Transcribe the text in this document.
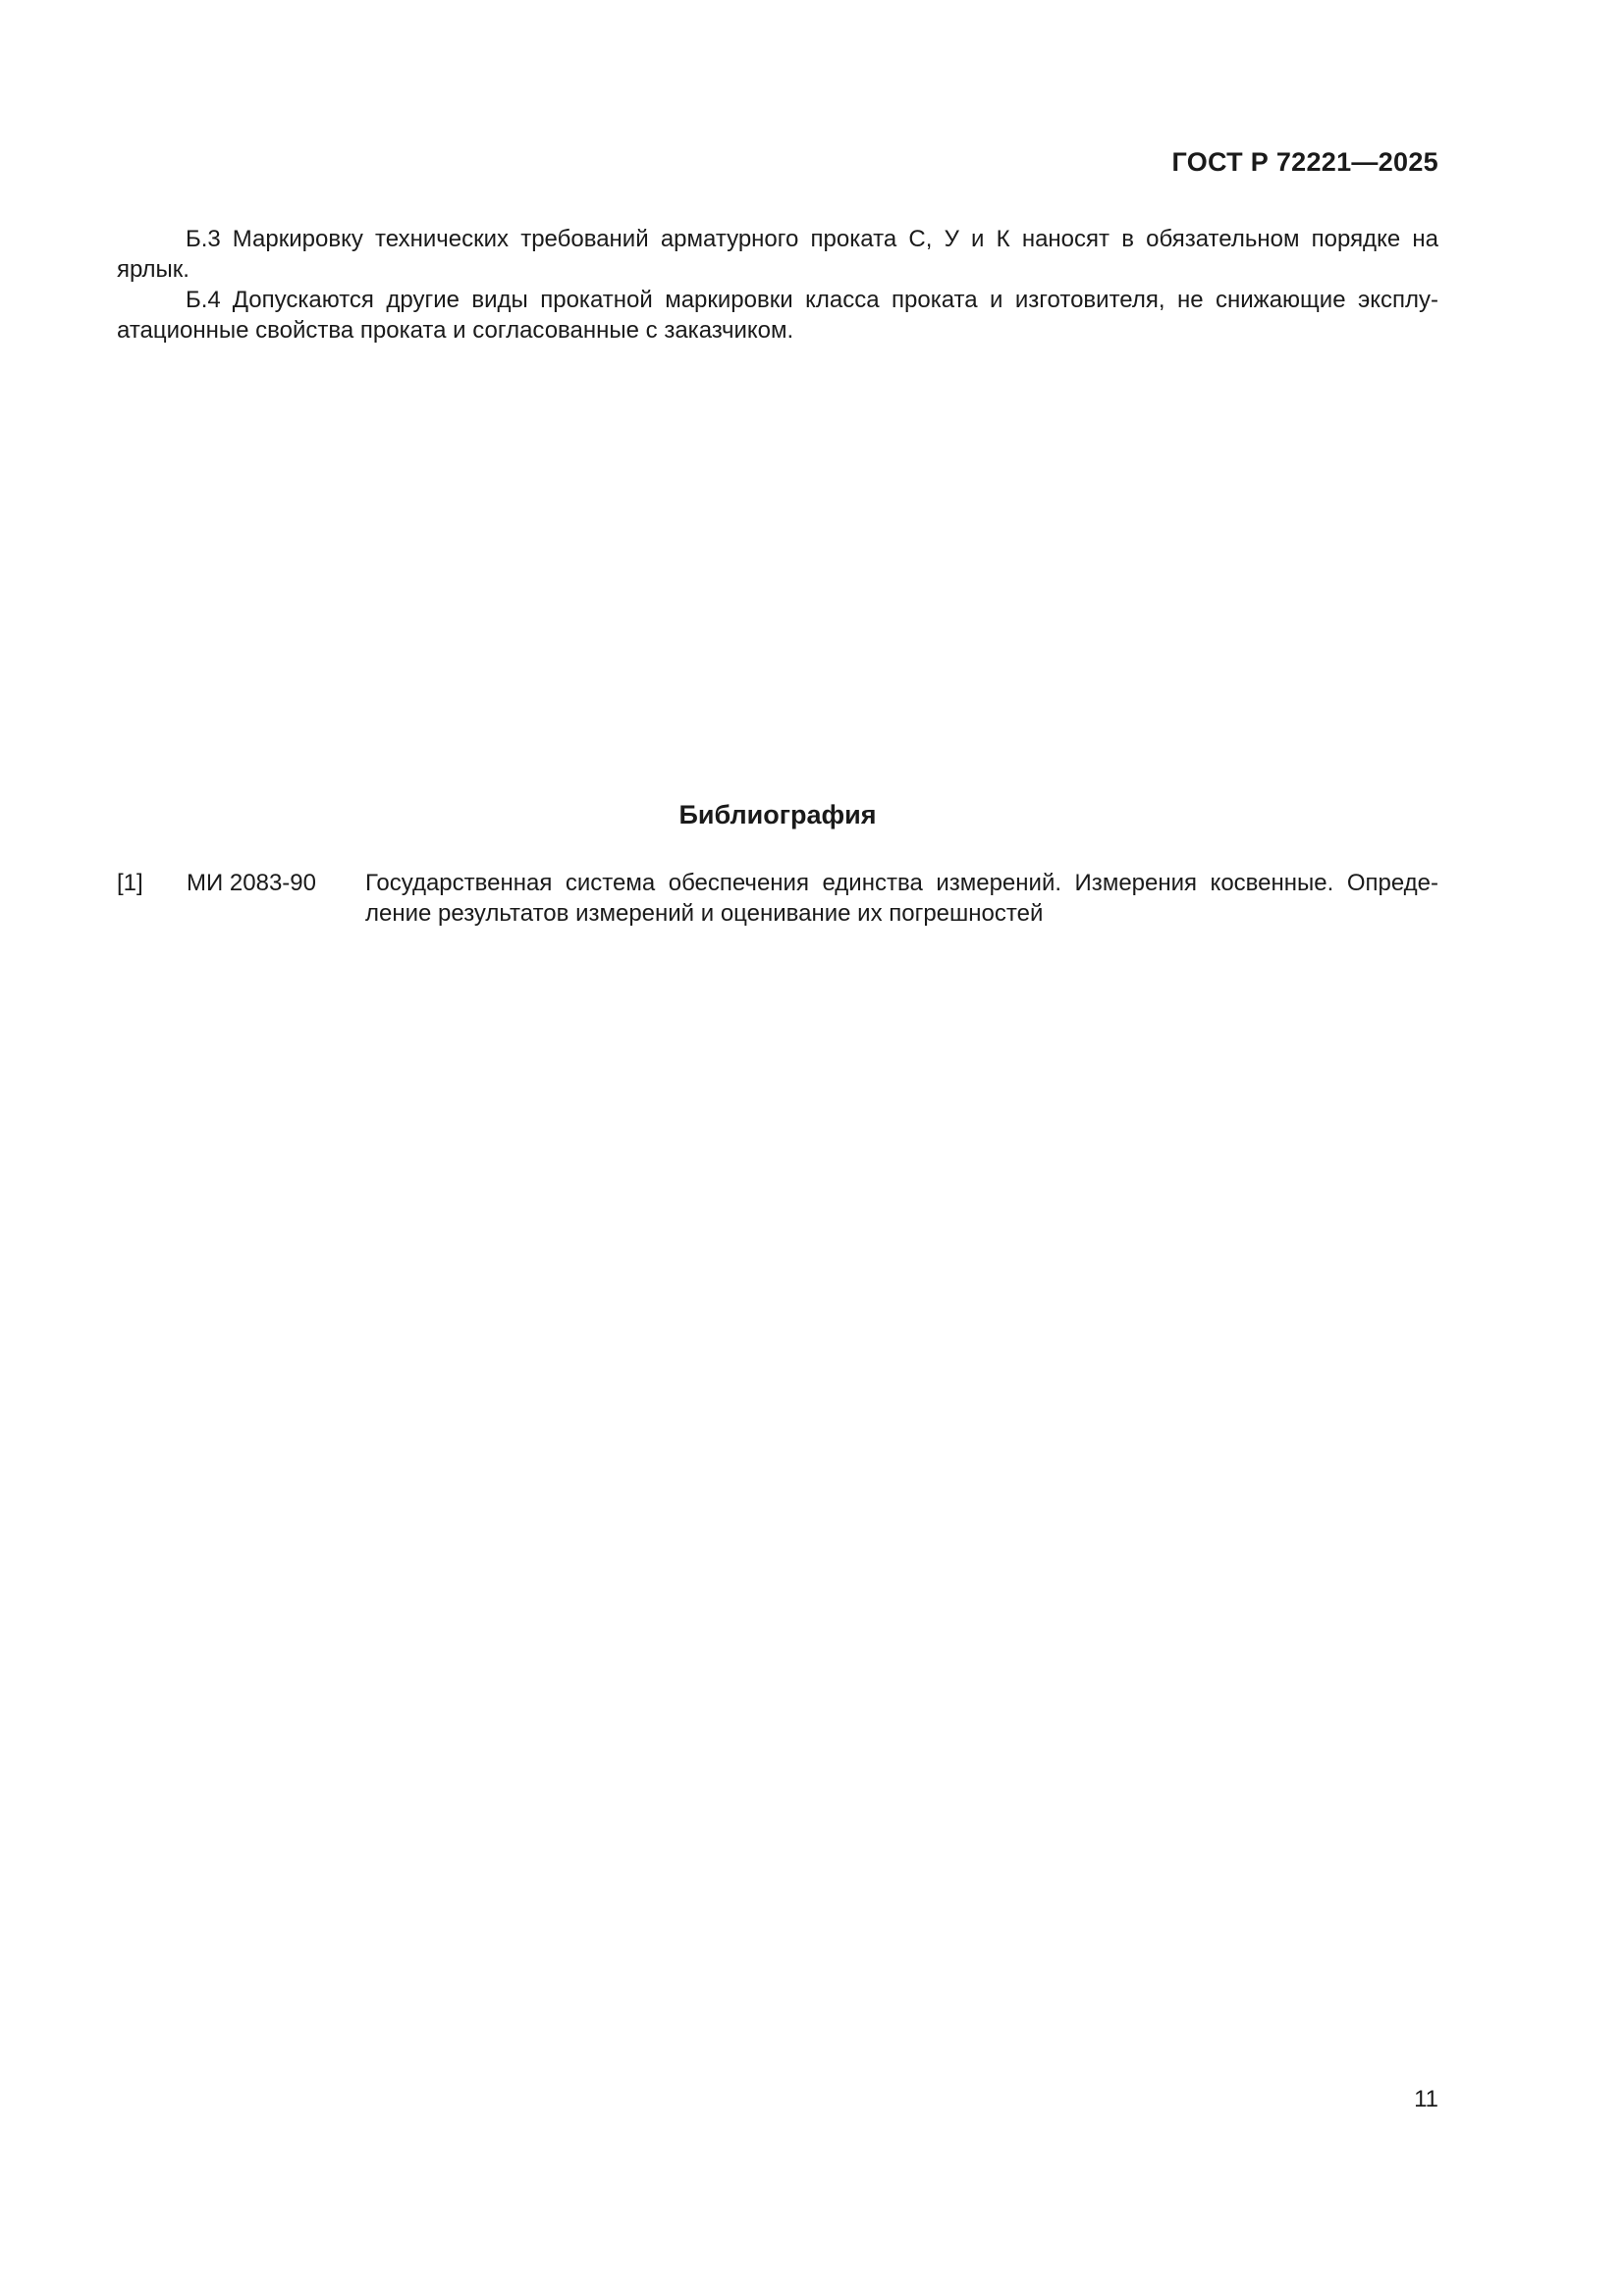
ГОСТ Р 72221—2025

Б.3 Маркировку технических требований арматурного проката С, У и К наносят в обязательном порядке на ярлык.

Б.4 Допускаются другие виды прокатной маркировки класса проката и изготовителя, не снижающие эксплуатационные свойства проката и согласованные с заказчиком.

Библиография
[1] МИ 2083-90 Государственная система обеспечения единства измерений. Измерения косвенные. Определение результатов измерений и оценивание их погрешностей
11
